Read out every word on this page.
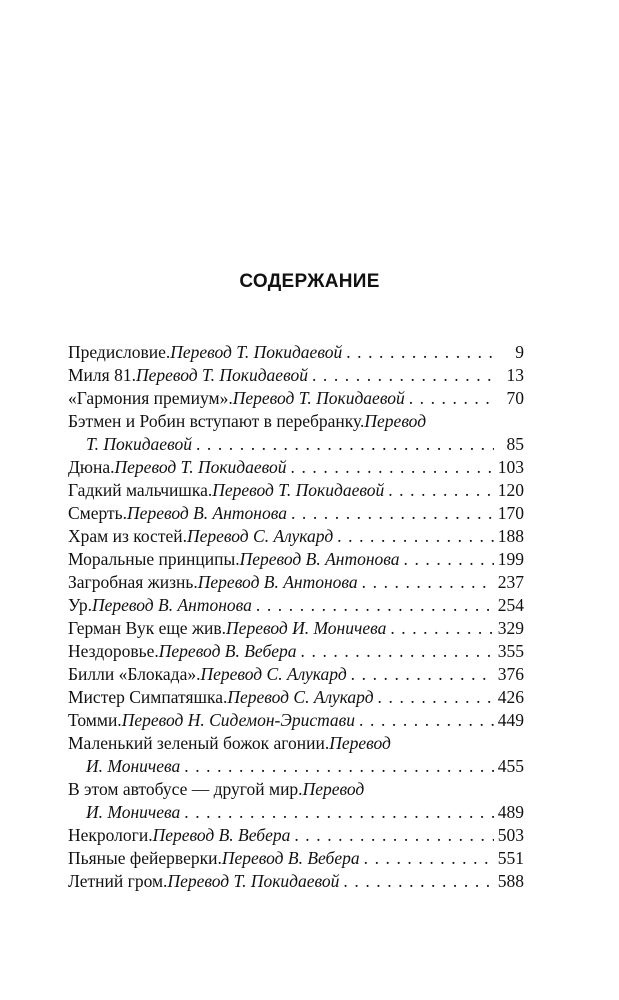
СОДЕРЖАНИЕ
Предисловие. Перевод Т. Покидаевой . . .	9
Миля 81. Перевод Т. Покидаевой . . .	13
«Гармония премиум». Перевод Т. Покидаевой . . .	70
Бэтмен и Робин вступают в перебранку. Перевод
Т. Покидаевой . . .	85
Дюна. Перевод Т. Покидаевой . . .	103
Гадкий мальчишка. Перевод Т. Покидаевой . . .	120
Смерть. Перевод В. Антонова . . .	170
Храм из костей. Перевод С. Алукард . . .	188
Моральные принципы. Перевод В. Антонова . . .	199
Загробная жизнь. Перевод В. Антонова . . .	237
Ур. Перевод В. Антонова . . .	254
Герман Вук еще жив. Перевод И. Моничева . . .	329
Нездоровье. Перевод В. Вебера . . .	355
Билли «Блокада». Перевод С. Алукард . . .	376
Мистер Симпатяшка. Перевод С. Алукард . . .	426
Томми. Перевод Н. Сидемон-Эристави . . .	449
Маленький зеленый божок агонии. Перевод
И. Моничева . . .	455
В этом автобусе — другой мир. Перевод
И. Моничева . . .	489
Некрологи. Перевод В. Вебера . . .	503
Пьяные фейерверки. Перевод В. Вебера . . .	551
Летний гром. Перевод Т. Покидаевой . . .	588
